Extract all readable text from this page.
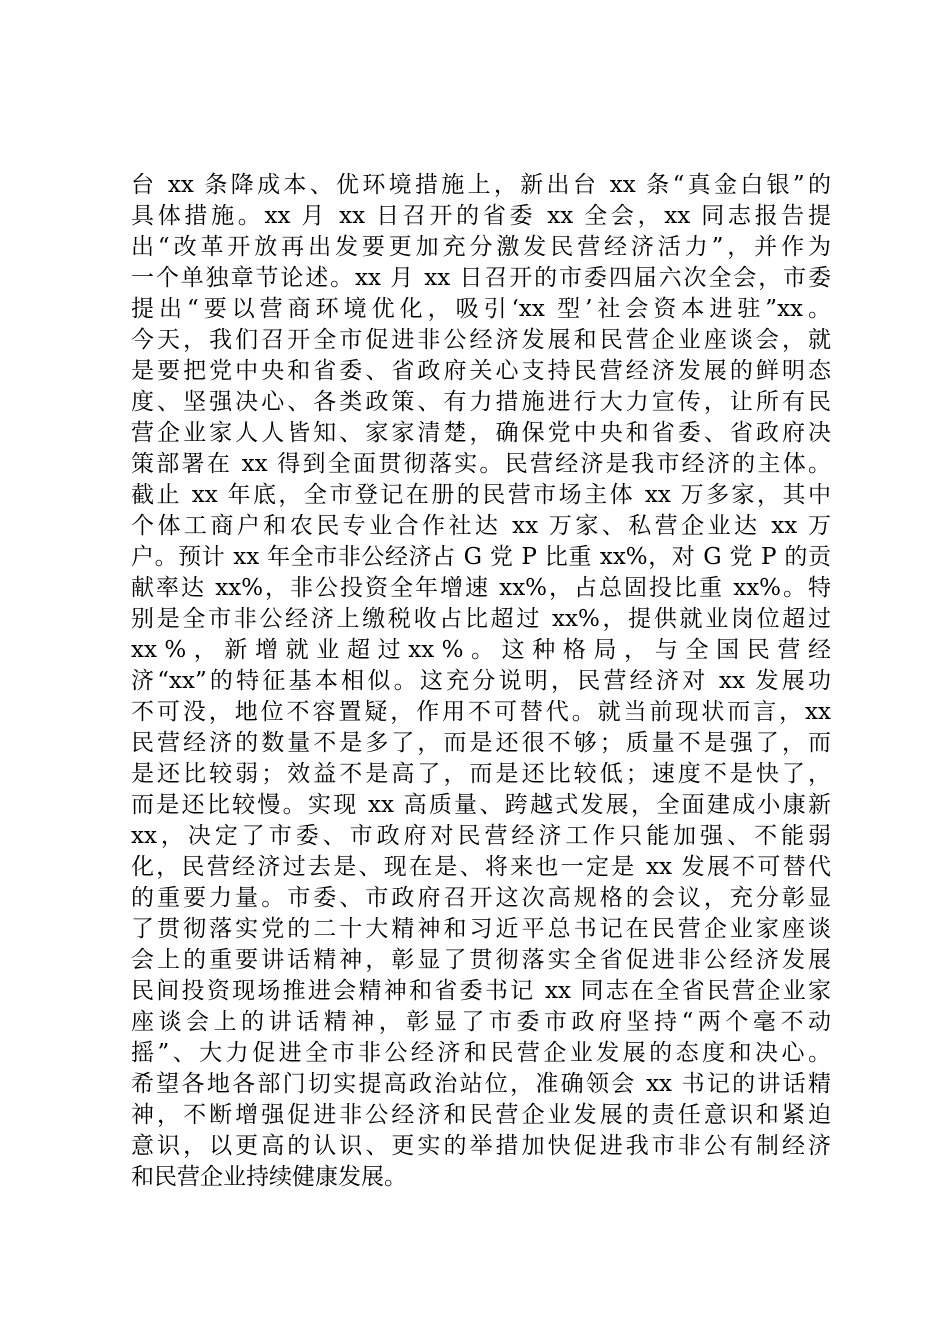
台 xx 条降成本、优环境措施上，新出台 xx 条“真金白银”的
具体措施。xx 月 xx 日召开的省委 xx 全会，xx 同志报告提
出“改革开放再出发要更加充分激发民营经济活力”，并作为
一个单独章节论述。xx 月 xx 日召开的市委四届六次全会，市委
提出“要以营商环境优化，吸引‘xx 型’社会资本进驻”xx。
今天，我们召开全市促进非公经济发展和民营企业座谈会，就
是要把党中央和省委、省政府关心支持民营经济发展的鲜明态
度、坚强决心、各类政策、有力措施进行大力宣传，让所有民
营企业家人人皆知、家家清楚，确保党中央和省委、省政府决
策部署在 xx 得到全面贯彻落实。民营经济是我市经济的主体。
截止 xx 年底，全市登记在册的民营市场主体 xx 万多家，其中
个体工商户和农民专业合作社达 xx 万家、私营企业达 xx 万
户。预计 xx 年全市非公经济占 G 党 P 比重 xx%，对 G 党 P 的贡
献率达 xx%，非公投资全年增速 xx%，占总固投比重 xx%。特
别是全市非公经济上缴税收占比超过 xx%，提供就业岗位超过
xx % ， 新 增 就 业 超 过 xx % 。 这 种 格 局 ， 与 全 国 民 营 经
济“xx”的特征基本相似。这充分说明，民营经济对 xx 发展功
不可没，地位不容置疑，作用不可替代。就当前现状而言，xx
民营经济的数量不是多了，而是还很不够；质量不是强了，而
是还比较弱；效益不是高了，而是还比较低；速度不是快了，
而是还比较慢。实现 xx 高质量、跨越式发展，全面建成小康新
xx，决定了市委、市政府对民营经济工作只能加强、不能弱
化，民营经济过去是、现在是、将来也一定是 xx 发展不可替代
的重要力量。市委、市政府召开这次高规格的会议，充分彰显
了贯彻落实党的二十大精神和习近平总书记在民营企业家座谈
会上的重要讲话精神，彰显了贯彻落实全省促进非公经济发展
民间投资现场推进会精神和省委书记 xx 同志在全省民营企业家
座谈会上的讲话精神，彰显了市委市政府坚持“两个毫不动
摇”、大力促进全市非公经济和民营企业发展的态度和决心。
希望各地各部门切实提高政治站位，准确领会 xx 书记的讲话精
神，不断增强促进非公经济和民营企业发展的责任意识和紧迫
意识，以更高的认识、更实的举措加快促进我市非公有制经济
和民营企业持续健康发展。
